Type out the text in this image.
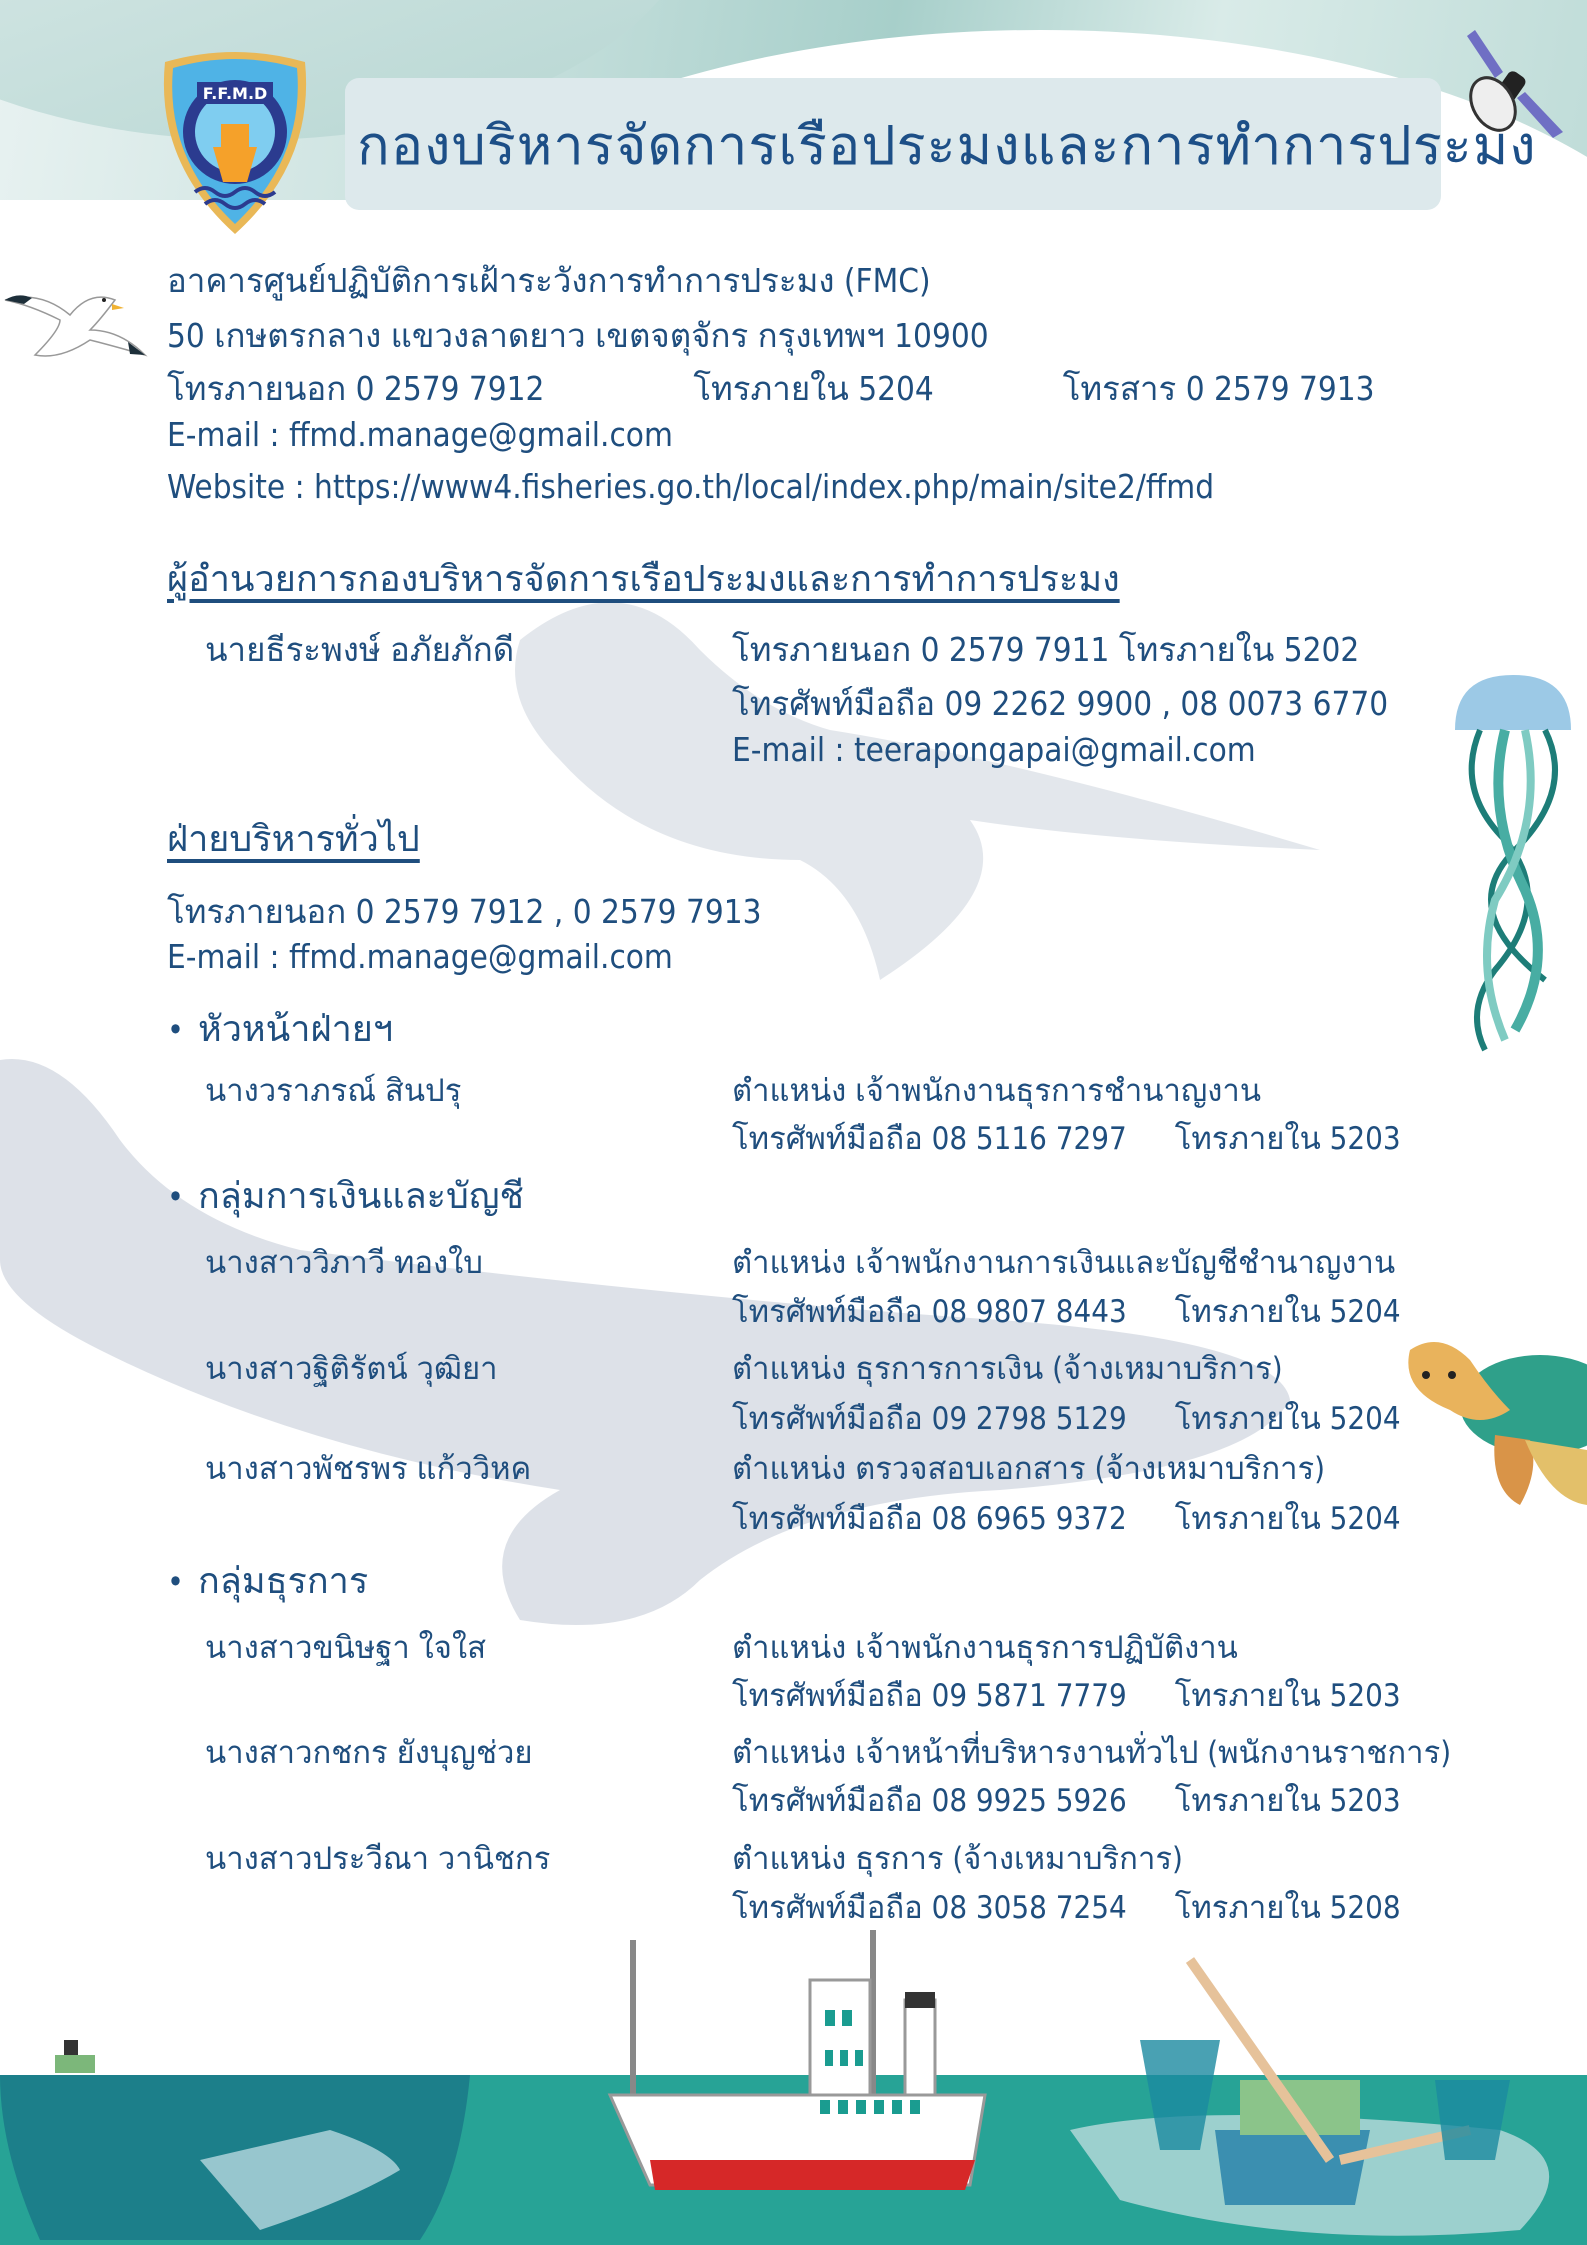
F.F.M.D
กองบริหารจัดการเรือประมงและการทำการประมง
อาคารศูนย์ปฏิบัติการเฝ้าระวังการทำการประมง (FMC)
50 เกษตรกลาง แขวงลาดยาว เขตจตุจักร กรุงเทพฯ 10900
โทรภายนอก 0 2579 7912	โทรภายใน 5204	โทรสาร 0 2579 7913
E-mail : ffmd.manage@gmail.com
Website : https://www4.fisheries.go.th/local/index.php/main/site2/ffmd
ผู้อำนวยการกองบริหารจัดการเรือประมงและการทำการประมง
นายธีระพงษ์ อภัยภักดี	โทรภายนอก 0 2579 7911 โทรภายใน 5202
โทรศัพท์มือถือ 09 2262 9900 , 08 0073 6770
E-mail : teerapongapai@gmail.com
ฝ่ายบริหารทั่วไป
โทรภายนอก 0 2579 7912 , 0 2579 7913
E-mail : ffmd.manage@gmail.com
• หัวหน้าฝ่ายฯ
นางวราภรณ์ สินปรุ	ตำแหน่ง เจ้าพนักงานธุรการชำนาญงาน
โทรศัพท์มือถือ 08 5116 7297 โทรภายใน 5203
• กลุ่มการเงินและบัญชี
นางสาววิภาวี ทองใบ	ตำแหน่ง เจ้าพนักงานการเงินและบัญชีชำนาญงาน
โทรศัพท์มือถือ 08 9807 8443 โทรภายใน 5204
นางสาวฐิติรัตน์ วุฒิยา	ตำแหน่ง ธุรการการเงิน (จ้างเหมาบริการ)
โทรศัพท์มือถือ 09 2798 5129 โทรภายใน 5204
นางสาวพัชรพร แก้ววิหค	ตำแหน่ง ตรวจสอบเอกสาร (จ้างเหมาบริการ)
โทรศัพท์มือถือ 08 6965 9372 โทรภายใน 5204
• กลุ่มธุรการ
นางสาวขนิษฐา ใจใส	ตำแหน่ง เจ้าพนักงานธุรการปฏิบัติงาน
โทรศัพท์มือถือ 09 5871 7779 โทรภายใน 5203
นางสาวกชกร ยังบุญช่วย	ตำแหน่ง เจ้าหน้าที่บริหารงานทั่วไป (พนักงานราชการ)
โทรศัพท์มือถือ 08 9925 5926 โทรภายใน 5203
นางสาวประวีณา วานิชกร	ตำแหน่ง ธุรการ (จ้างเหมาบริการ)
โทรศัพท์มือถือ 08 3058 7254 โทรภายใน 5208
